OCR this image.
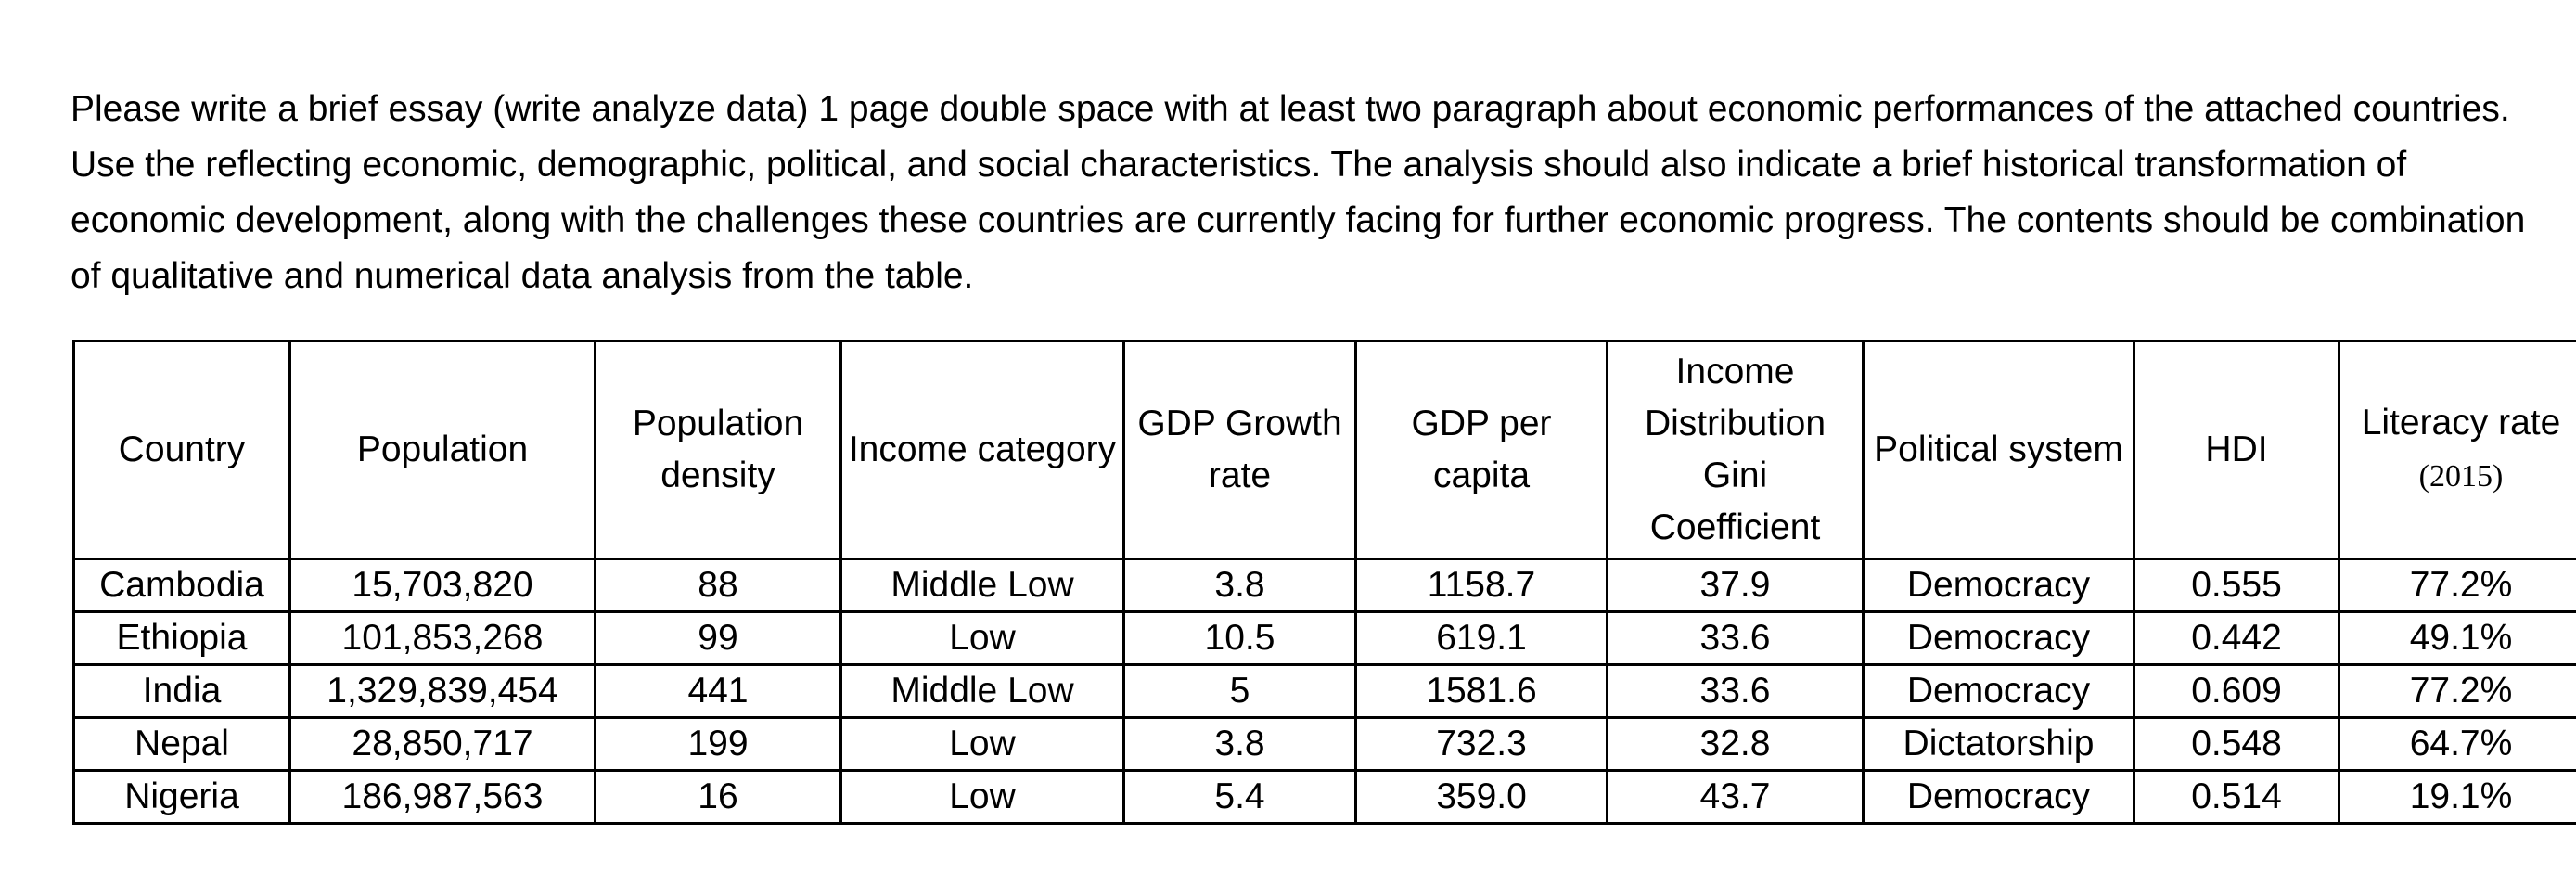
Please write a brief essay (write analyze data) 1 page double space with at least two paragraph about economic performances of the attached countries. Use the reflecting economic, demographic, political, and social characteristics. The analysis should also indicate a brief historical transformation of economic development, along with the challenges these countries are currently facing for further economic progress. The contents should be combination of qualitative and numerical data analysis from the table.

Country	Population	Population density	Income category	GDP Growth rate	GDP per capita	Income Distribution Gini Coefficient	Political system	HDI	Literacy rate
(2015)
Cambodia	15,703,820	88	Middle Low	3.8	1158.7	37.9	Democracy	0.555	77.2%
Ethiopia	101,853,268	99	Low	10.5	619.1	33.6	Democracy	0.442	49.1%
India	1,329,839,454	441	Middle Low	5	1581.6	33.6	Democracy	0.609	77.2%
Nepal	28,850,717	199	Low	3.8	732.3	32.8	Dictatorship	0.548	64.7%
Nigeria	186,987,563	16	Low	5.4	359.0	43.7	Democracy	0.514	19.1%
